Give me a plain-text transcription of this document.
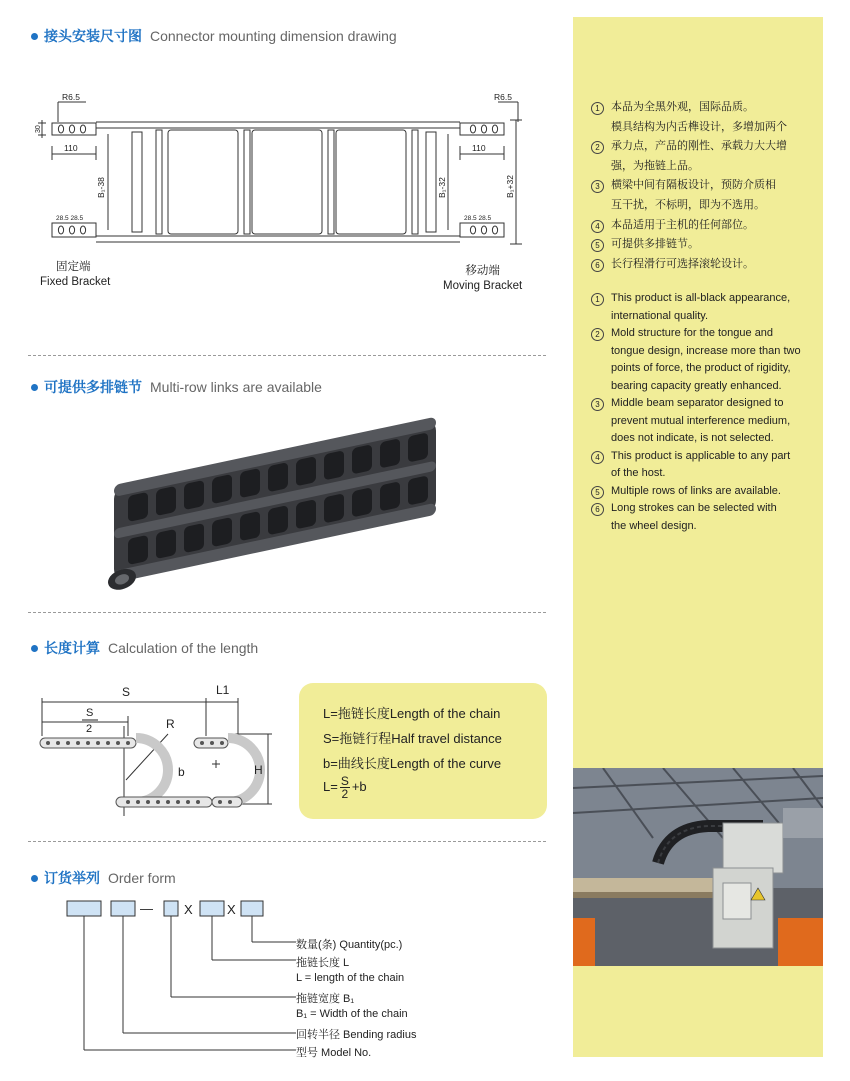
接头安装尺寸图 Connector mounting dimension drawing
R6.5	R6.5
110	110
28.5 28.5	28.5 28.5
30
B₁-38	B₁-32	B₁+32
固定端
Fixed Bracket
移动端
Moving Bracket
可提供多排链节 Multi-row links are available
长度计算 Calculation of the length
S	L1
S
2	R
b	H
L=拖链长度Length of the chain
S=拖链行程Half travel distance
b=曲线长度Length of the curve
$L= \frac{S}{2} +b$
订货举列 Order form
— X	X
数量(条) Quantity(pc.)
拖链长度 L
L = length of the chain
拖链宽度 B₁
B₁ = Width of the chain
回转半径 Bending radius
型号 Model No.
1	本品为全黑外观，国际品质。
模具结构为内舌榫设计，多增加两个
2	承力点，产品的刚性、承载力大大增
强，为拖链上品。
3	横梁中间有隔板设计，预防介质相
互干扰，不标明，即为不选用。
4	本品适用于主机的任何部位。
5	可提供多排链节。
6	长行程滑行可选择滚轮设计。
1	This product is all-black appearance,
international quality.
2	Mold structure for the tongue and
tongue design, increase more than two
points of force, the product of rigidity,
bearing capacity greatly enhanced.
3	Middle beam separator designed to
prevent mutual interference medium,
does not indicate, is not selected.
4	This product is applicable to any part
of the host.
5	Multiple rows of links are available.
6	Long strokes can be selected with
the wheel design.
